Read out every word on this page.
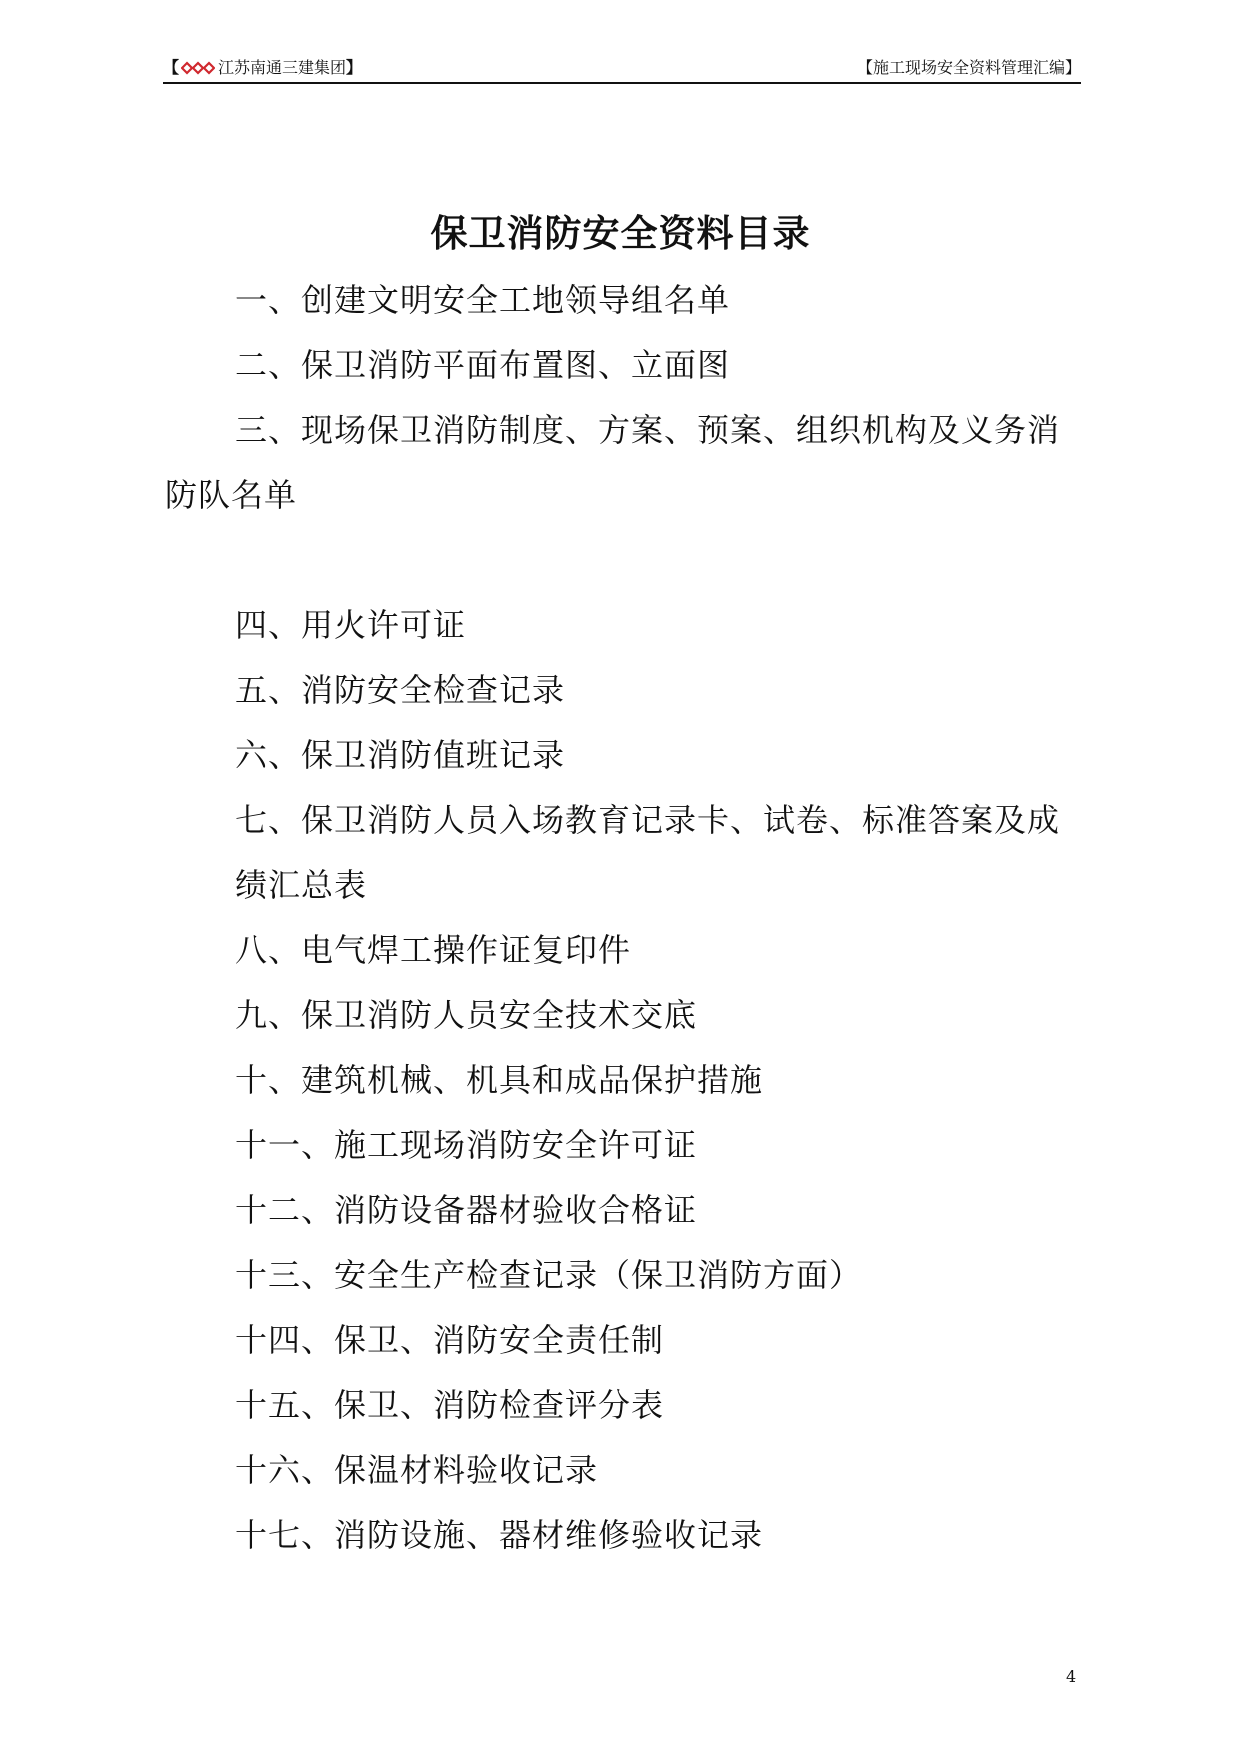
【 江苏南通三建集团 】	【施工现场安全资料管理汇编】
保卫消防安全资料目录
一、创建文明安全工地领导组名单
二、保卫消防平面布置图、立面图
三、现场保卫消防制度、方案、预案、组织机构及义务消
防队名单
四、用火许可证
五、消防安全检查记录
六、保卫消防值班记录
七、保卫消防人员入场教育记录卡、试卷、标准答案及成
绩汇总表
八、电气焊工操作证复印件
九、保卫消防人员安全技术交底
十、建筑机械、机具和成品保护措施
十一、施工现场消防安全许可证
十二、消防设备器材验收合格证
十三、安全生产检查记录（保卫消防方面）
十四、保卫、消防安全责任制
十五、保卫、消防检查评分表
十六、保温材料验收记录
十七、消防设施、器材维修验收记录
4
